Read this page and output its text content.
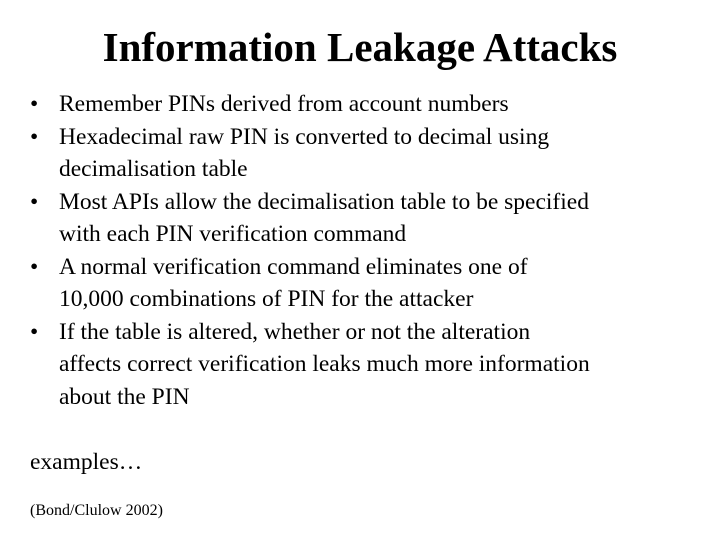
Information Leakage Attacks
• Remember PINs derived from account numbers
• Hexadecimal raw PIN is converted to decimal using
decimalisation table
• Most APIs allow the decimalisation table to be specified
with each PIN verification command
• A normal verification command eliminates one of
10,000 combinations of PIN for the attacker
• If the table is altered, whether or not the alteration
affects correct verification leaks much more information
about the PIN
examples…
(Bond/Clulow 2002)
